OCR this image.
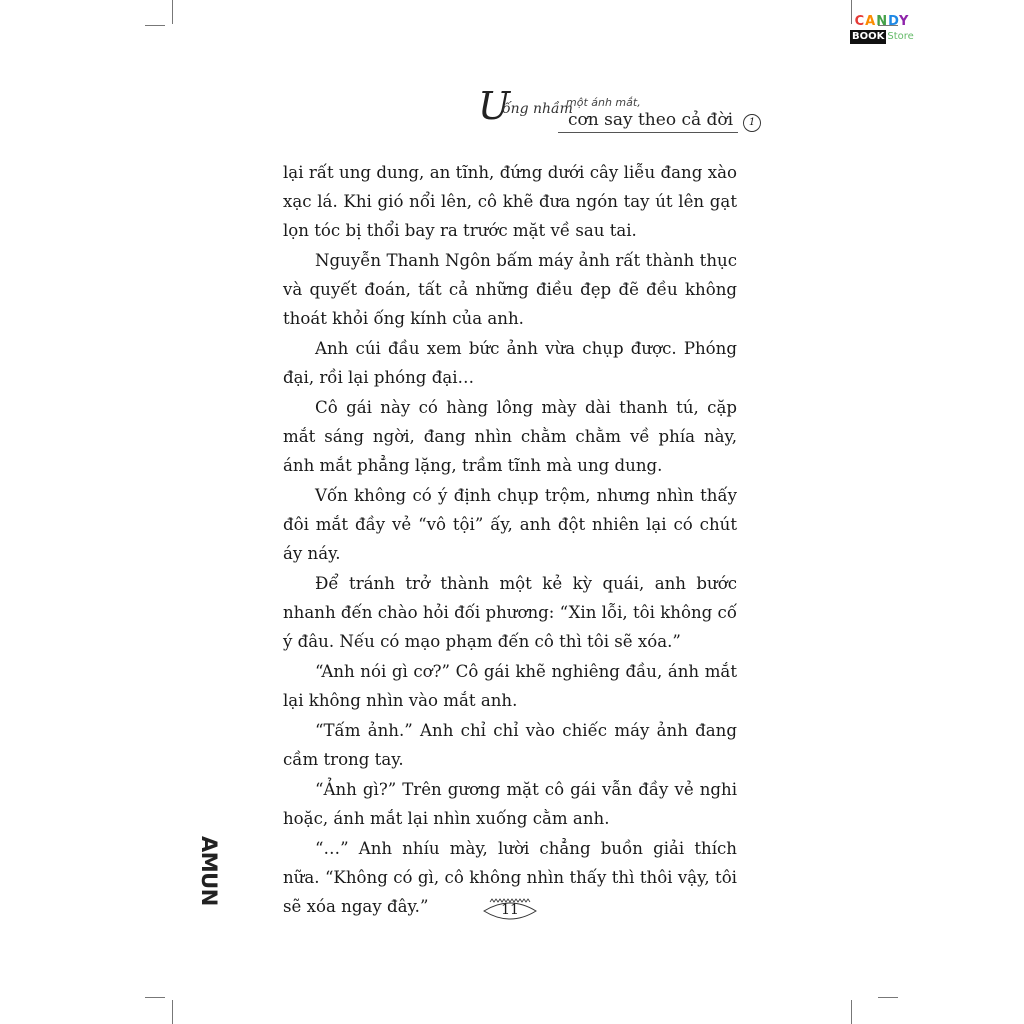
CANDY
BOOK Store
U
ống nhầm
một ánh mắt,
cơn say theo cả đời	1

lại rất ung dung, an tĩnh, đứng dưới cây liễu đang xào xạc lá. Khi gió nổi lên, cô khẽ đưa ngón tay út lên gạt lọn tóc bị thổi bay ra trước mặt về sau tai.

Nguyễn Thanh Ngôn bấm máy ảnh rất thành thục và quyết đoán, tất cả những điều đẹp đẽ đều không thoát khỏi ống kính của anh.

Anh cúi đầu xem bức ảnh vừa chụp được. Phóng đại, rồi lại phóng đại…

Cô gái này có hàng lông mày dài thanh tú, cặp mắt sáng ngời, đang nhìn chằm chằm về phía này, ánh mắt phẳng lặng, trầm tĩnh mà ung dung.

Vốn không có ý định chụp trộm, nhưng nhìn thấy đôi mắt đầy vẻ “vô tội” ấy, anh đột nhiên lại có chút áy náy.

Để tránh trở thành một kẻ kỳ quái, anh bước nhanh đến chào hỏi đối phương: “Xin lỗi, tôi không cố ý đâu. Nếu có mạo phạm đến cô thì tôi sẽ xóa.”

“Anh nói gì cơ?” Cô gái khẽ nghiêng đầu, ánh mắt lại không nhìn vào mắt anh.

“Tấm ảnh.” Anh chỉ chỉ vào chiếc máy ảnh đang cầm trong tay.

“Ảnh gì?” Trên gương mặt cô gái vẫn đầy vẻ nghi hoặc, ánh mắt lại nhìn xuống cằm anh.

“…” Anh nhíu mày, lười chẳng buồn giải thích nữa. “Không có gì, cô không nhìn thấy thì thôi vậy, tôi sẽ xóa ngay đây.”	11
AMUN
